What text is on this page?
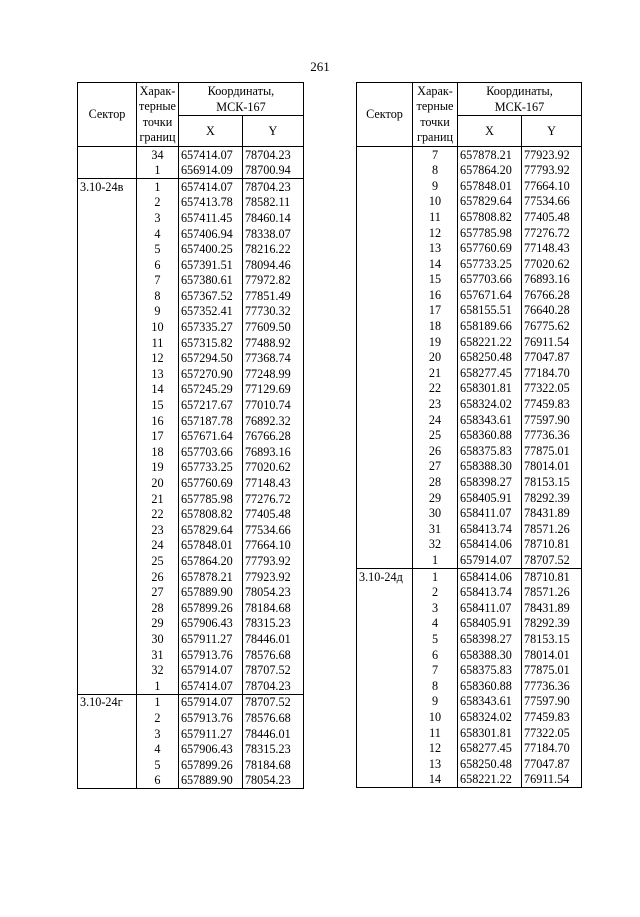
261
Сектор	Харак-
терные
точки
границ	Координаты,
МСК-167	
		X	Y
	34	657414.07	78704.23
	1	656914.09	78700.94
3.10-24в	1	657414.07	78704.23
	2	657413.78	78582.11
	3	657411.45	78460.14
	4	657406.94	78338.07
	5	657400.25	78216.22
	6	657391.51	78094.46
	7	657380.61	77972.82
	8	657367.52	77851.49
	9	657352.41	77730.32
	10	657335.27	77609.50
	11	657315.82	77488.92
	12	657294.50	77368.74
	13	657270.90	77248.99
	14	657245.29	77129.69
	15	657217.67	77010.74
	16	657187.78	76892.32
	17	657671.64	76766.28
	18	657703.66	76893.16
	19	657733.25	77020.62
	20	657760.69	77148.43
	21	657785.98	77276.72
	22	657808.82	77405.48
	23	657829.64	77534.66
	24	657848.01	77664.10
	25	657864.20	77793.92
	26	657878.21	77923.92
	27	657889.90	78054.23
	28	657899.26	78184.68
	29	657906.43	78315.23
	30	657911.27	78446.01
	31	657913.76	78576.68
	32	657914.07	78707.52
	1	657414.07	78704.23
3.10-24г	1	657914.07	78707.52
	2	657913.76	78576.68
	3	657911.27	78446.01
	4	657906.43	78315.23
	5	657899.26	78184.68
	6	657889.90	78054.23
Сектор	Харак-
терные
точки
границ	Координаты,
МСК-167	
		X	Y
	7	657878.21	77923.92
	8	657864.20	77793.92
	9	657848.01	77664.10
	10	657829.64	77534.66
	11	657808.82	77405.48
	12	657785.98	77276.72
	13	657760.69	77148.43
	14	657733.25	77020.62
	15	657703.66	76893.16
	16	657671.64	76766.28
	17	658155.51	76640.28
	18	658189.66	76775.62
	19	658221.22	76911.54
	20	658250.48	77047.87
	21	658277.45	77184.70
	22	658301.81	77322.05
	23	658324.02	77459.83
	24	658343.61	77597.90
	25	658360.88	77736.36
	26	658375.83	77875.01
	27	658388.30	78014.01
	28	658398.27	78153.15
	29	658405.91	78292.39
	30	658411.07	78431.89
	31	658413.74	78571.26
	32	658414.06	78710.81
	1	657914.07	78707.52
3.10-24д	1	658414.06	78710.81
	2	658413.74	78571.26
	3	658411.07	78431.89
	4	658405.91	78292.39
	5	658398.27	78153.15
	6	658388.30	78014.01
	7	658375.83	77875.01
	8	658360.88	77736.36
	9	658343.61	77597.90
	10	658324.02	77459.83
	11	658301.81	77322.05
	12	658277.45	77184.70
	13	658250.48	77047.87
	14	658221.22	76911.54
